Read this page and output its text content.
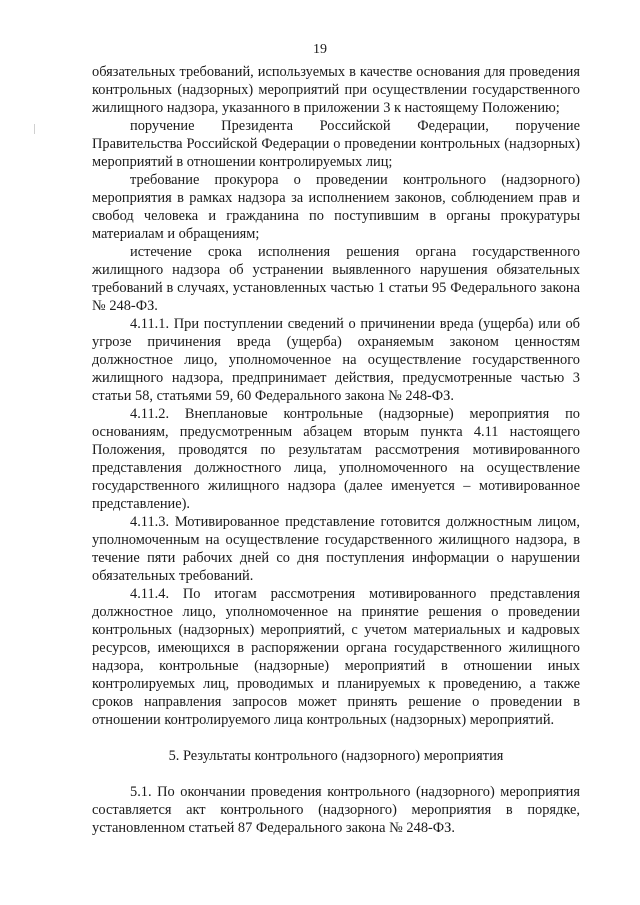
19

обязательных требований, используемых в качестве основания для проведения контрольных (надзорных) мероприятий при осуществлении государственного жилищного надзора, указанного в приложении 3 к настоящему Положению;

поручение Президента Российской Федерации, поручение Правительства Российской Федерации о проведении контрольных (надзорных) мероприятий в отношении контролируемых лиц;

требование прокурора о проведении контрольного (надзорного) мероприятия в рамках надзора за исполнением законов, соблюдением прав и свобод человека и гражданина по поступившим в органы прокуратуры материалам и обращениям;

истечение срока исполнения решения органа государственного жилищного надзора об устранении выявленного нарушения обязательных требований в случаях, установленных частью 1 статьи 95 Федерального закона № 248-ФЗ.

4.11.1. При поступлении сведений о причинении вреда (ущерба) или об угрозе причинения вреда (ущерба) охраняемым законом ценностям должностное лицо, уполномоченное на осуществление государственного жилищного надзора, предпринимает действия, предусмотренные частью 3 статьи 58, статьями 59, 60 Федерального закона № 248-ФЗ.

4.11.2. Внеплановые контрольные (надзорные) мероприятия по основаниям, предусмотренным абзацем вторым пункта 4.11 настоящего Положения, проводятся по результатам рассмотрения мотивированного представления должностного лица, уполномоченного на осуществление государственного жилищного надзора (далее именуется – мотивированное представление).

4.11.3. Мотивированное представление готовится должностным лицом, уполномоченным на осуществление государственного жилищного надзора, в течение пяти рабочих дней со дня поступления информации о нарушении обязательных требований.

4.11.4. По итогам рассмотрения мотивированного представления должностное лицо, уполномоченное на принятие решения о проведении контрольных (надзорных) мероприятий, с учетом материальных и кадровых ресурсов, имеющихся в распоряжении органа государственного жилищного надзора, контрольные (надзорные) мероприятий в отношении иных контролируемых лиц, проводимых и планируемых к проведению, а также сроков направления запросов может принять решение о проведении в отношении контролируемого лица контрольных (надзорных) мероприятий.

5. Результаты контрольного (надзорного) мероприятия

5.1. По окончании проведения контрольного (надзорного) мероприятия составляется акт контрольного (надзорного) мероприятия в порядке, установленном статьей 87 Федерального закона № 248-ФЗ.
